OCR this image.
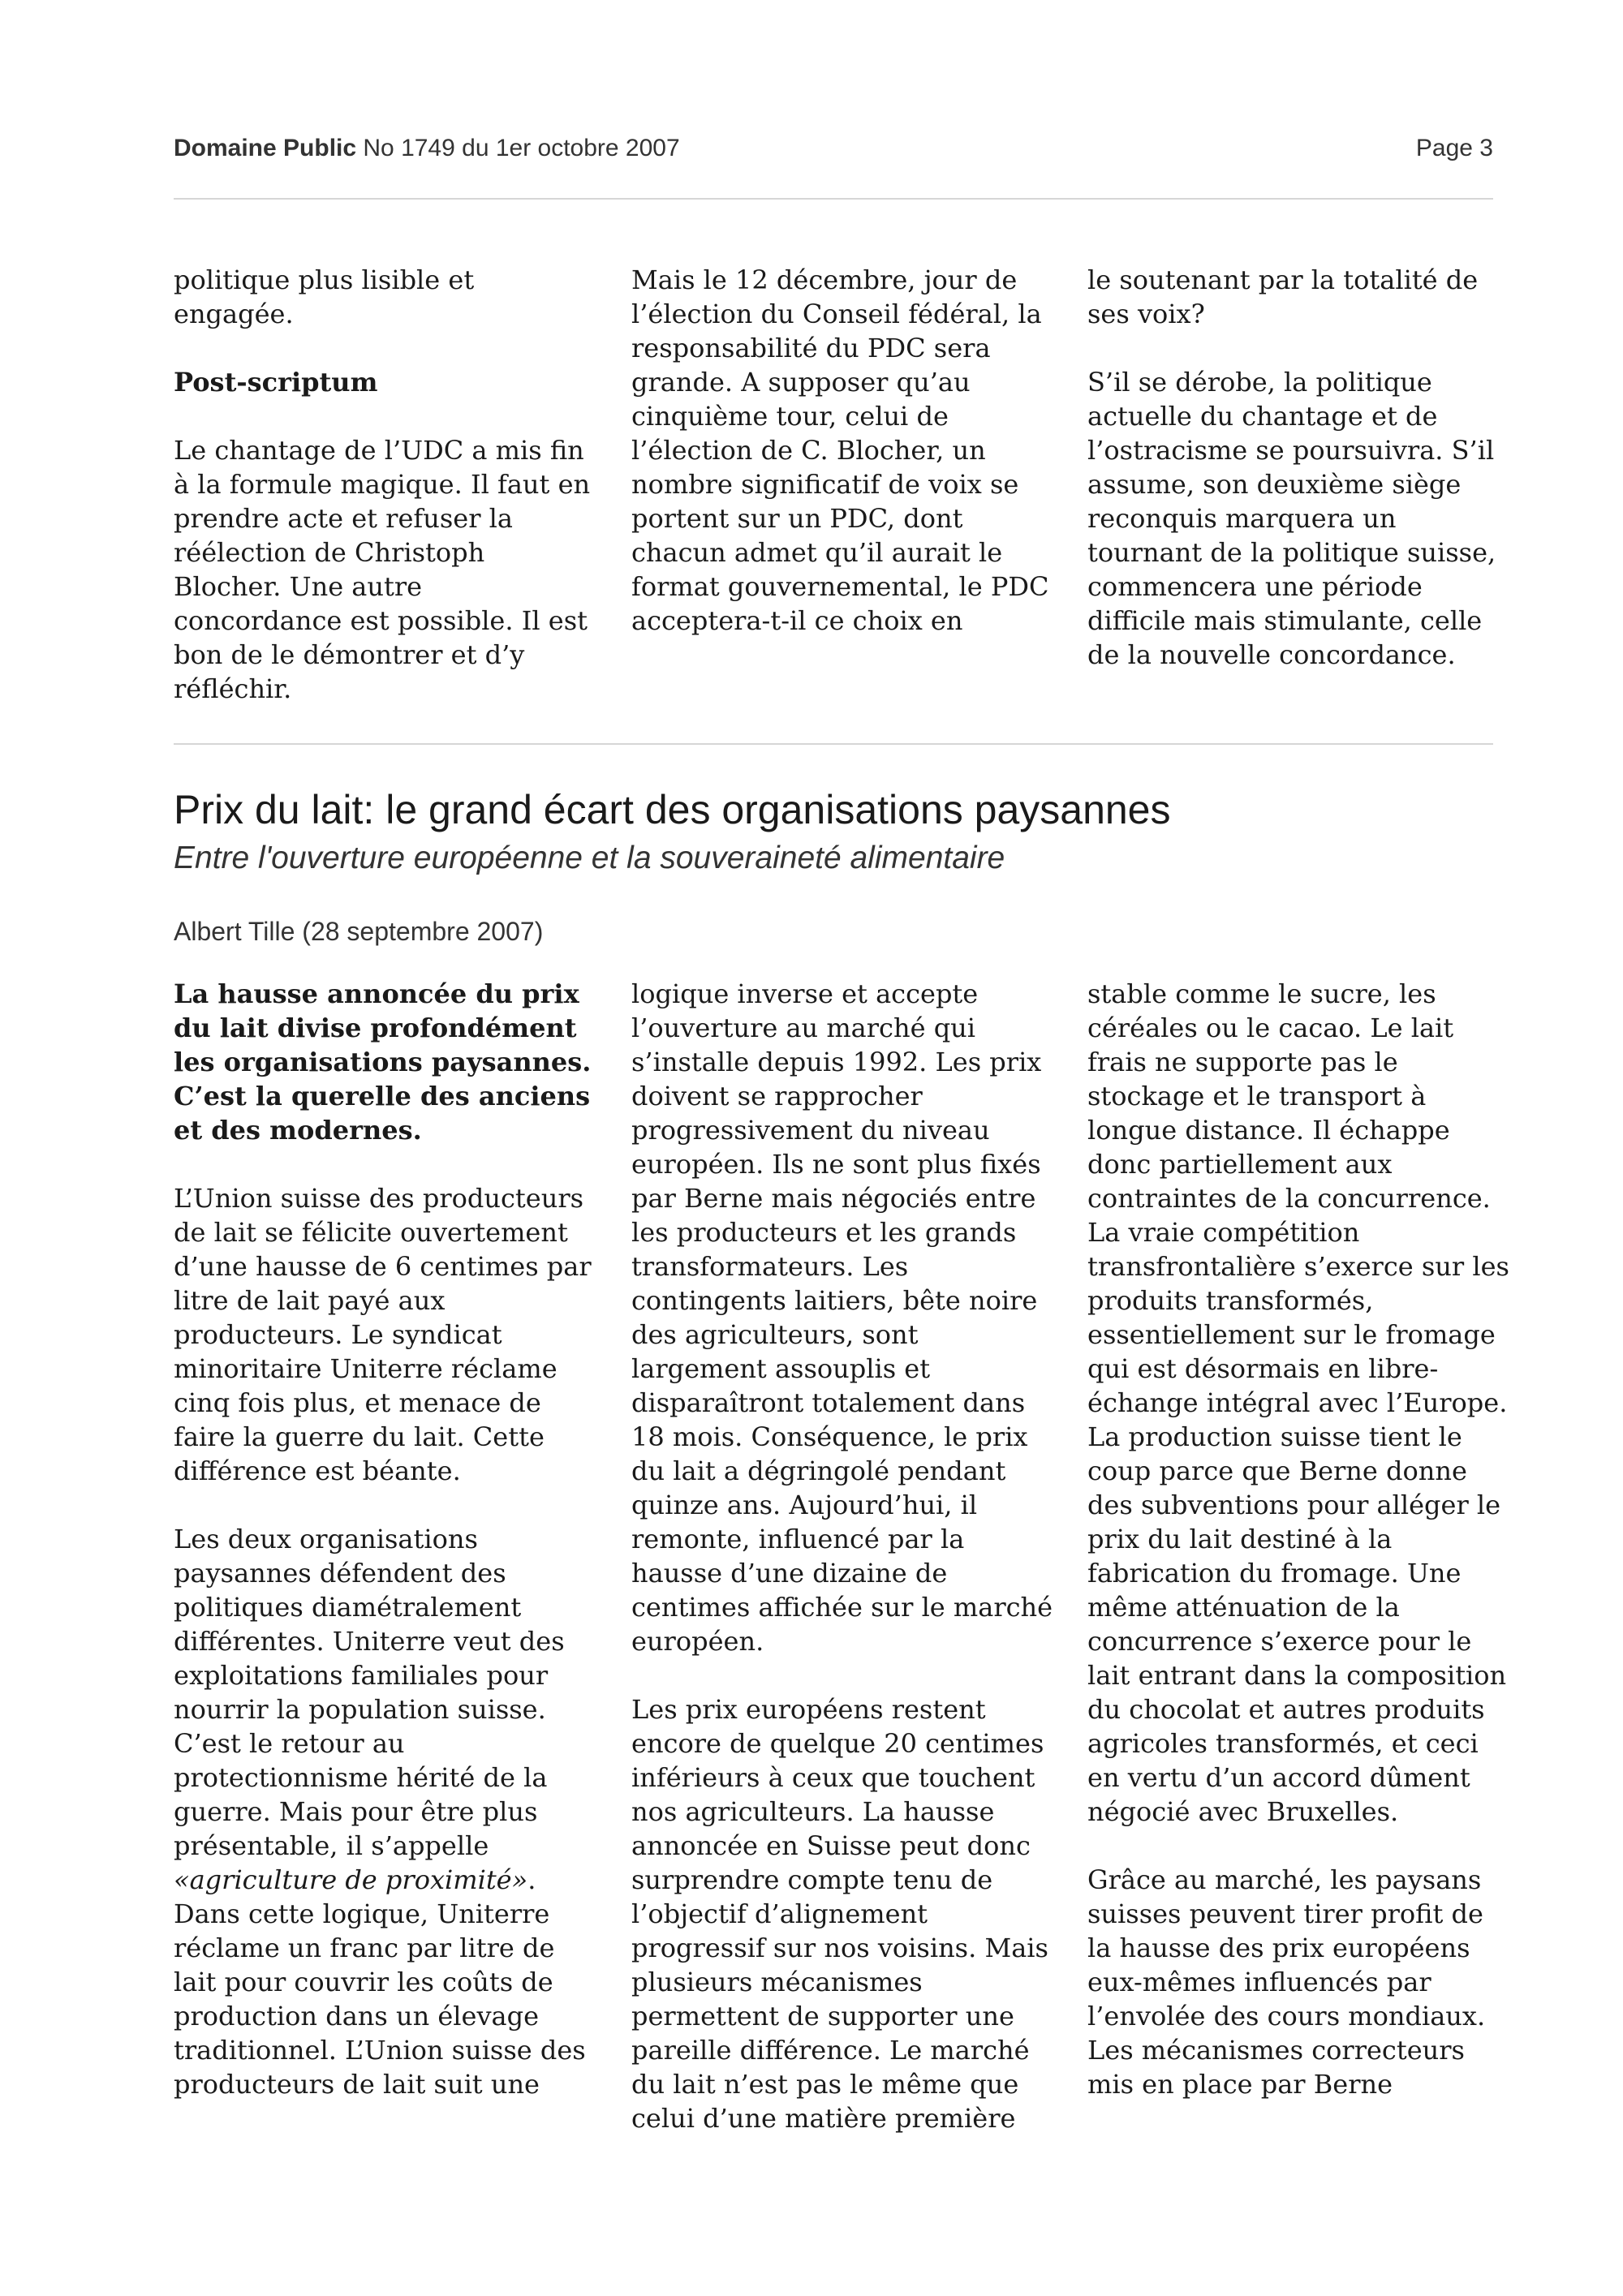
Domaine Public No 1749 du 1er octobre 2007	Page 3

politique plus lisible et engagée.

Post-scriptum

Le chantage de l’UDC a mis fin à la formule magique. Il faut en prendre acte et refuser la réélection de Christoph Blocher. Une autre concordance est possible. Il est bon de le démontrer et d’y réfléchir.

Mais le 12 décembre, jour de l’élection du Conseil fédéral, la responsabilité du PDC sera grande. A supposer qu’au cinquième tour, celui de l’élection de C. Blocher, un nombre significatif de voix se portent sur un PDC, dont chacun admet qu’il aurait le format gouvernemental, le PDC acceptera-t-il ce choix en

le soutenant par la totalité de ses voix?

S’il se dérobe, la politique actuelle du chantage et de l’ostracisme se poursuivra. S’il assume, son deuxième siège reconquis marquera un tournant de la politique suisse, commencera une période difficile mais stimulante, celle de la nouvelle concordance.

Prix du lait: le grand écart des organisations paysannes
Entre l'ouverture européenne et la souveraineté alimentaire
Albert Tille (28 septembre 2007)

La hausse annoncée du prix du lait divise profondément les organisations paysannes. C’est la querelle des anciens et des modernes.

L’Union suisse des producteurs de lait se félicite ouvertement d’une hausse de 6 centimes par litre de lait payé aux producteurs. Le syndicat minoritaire Uniterre réclame cinq fois plus, et menace de faire la guerre du lait. Cette différence est béante.

Les deux organisations paysannes défendent des politiques diamétralement différentes. Uniterre veut des exploitations familiales pour nourrir la population suisse. C’est le retour au protectionnisme hérité de la guerre. Mais pour être plus présentable, il s’appelle «agriculture de proximité». Dans cette logique, Uniterre réclame un franc par litre de lait pour couvrir les coûts de production dans un élevage traditionnel. L’Union suisse des producteurs de lait suit une

logique inverse et accepte l’ouverture au marché qui s’installe depuis 1992. Les prix doivent se rapprocher progressivement du niveau européen. Ils ne sont plus fixés par Berne mais négociés entre les producteurs et les grands transformateurs. Les contingents laitiers, bête noire des agriculteurs, sont largement assouplis et disparaîtront totalement dans 18 mois. Conséquence, le prix du lait a dégringolé pendant quinze ans. Aujourd’hui, il remonte, influencé par la hausse d’une dizaine de centimes affichée sur le marché européen.

Les prix européens restent encore de quelque 20 centimes inférieurs à ceux que touchent nos agriculteurs. La hausse annoncée en Suisse peut donc surprendre compte tenu de l’objectif d’alignement progressif sur nos voisins. Mais plusieurs mécanismes permettent de supporter une pareille différence. Le marché du lait n’est pas le même que celui d’une matière première

stable comme le sucre, les céréales ou le cacao. Le lait frais ne supporte pas le stockage et le transport à longue distance. Il échappe donc partiellement aux contraintes de la concurrence. La vraie compétition transfrontalière s’exerce sur les produits transformés, essentiellement sur le fromage qui est désormais en libre-échange intégral avec l’Europe. La production suisse tient le coup parce que Berne donne des subventions pour alléger le prix du lait destiné à la fabrication du fromage. Une même atténuation de la concurrence s’exerce pour le lait entrant dans la composition du chocolat et autres produits agricoles transformés, et ceci en vertu d’un accord dûment négocié avec Bruxelles.

Grâce au marché, les paysans suisses peuvent tirer profit de la hausse des prix européens eux-mêmes influencés par l’envolée des cours mondiaux. Les mécanismes correcteurs mis en place par Berne
